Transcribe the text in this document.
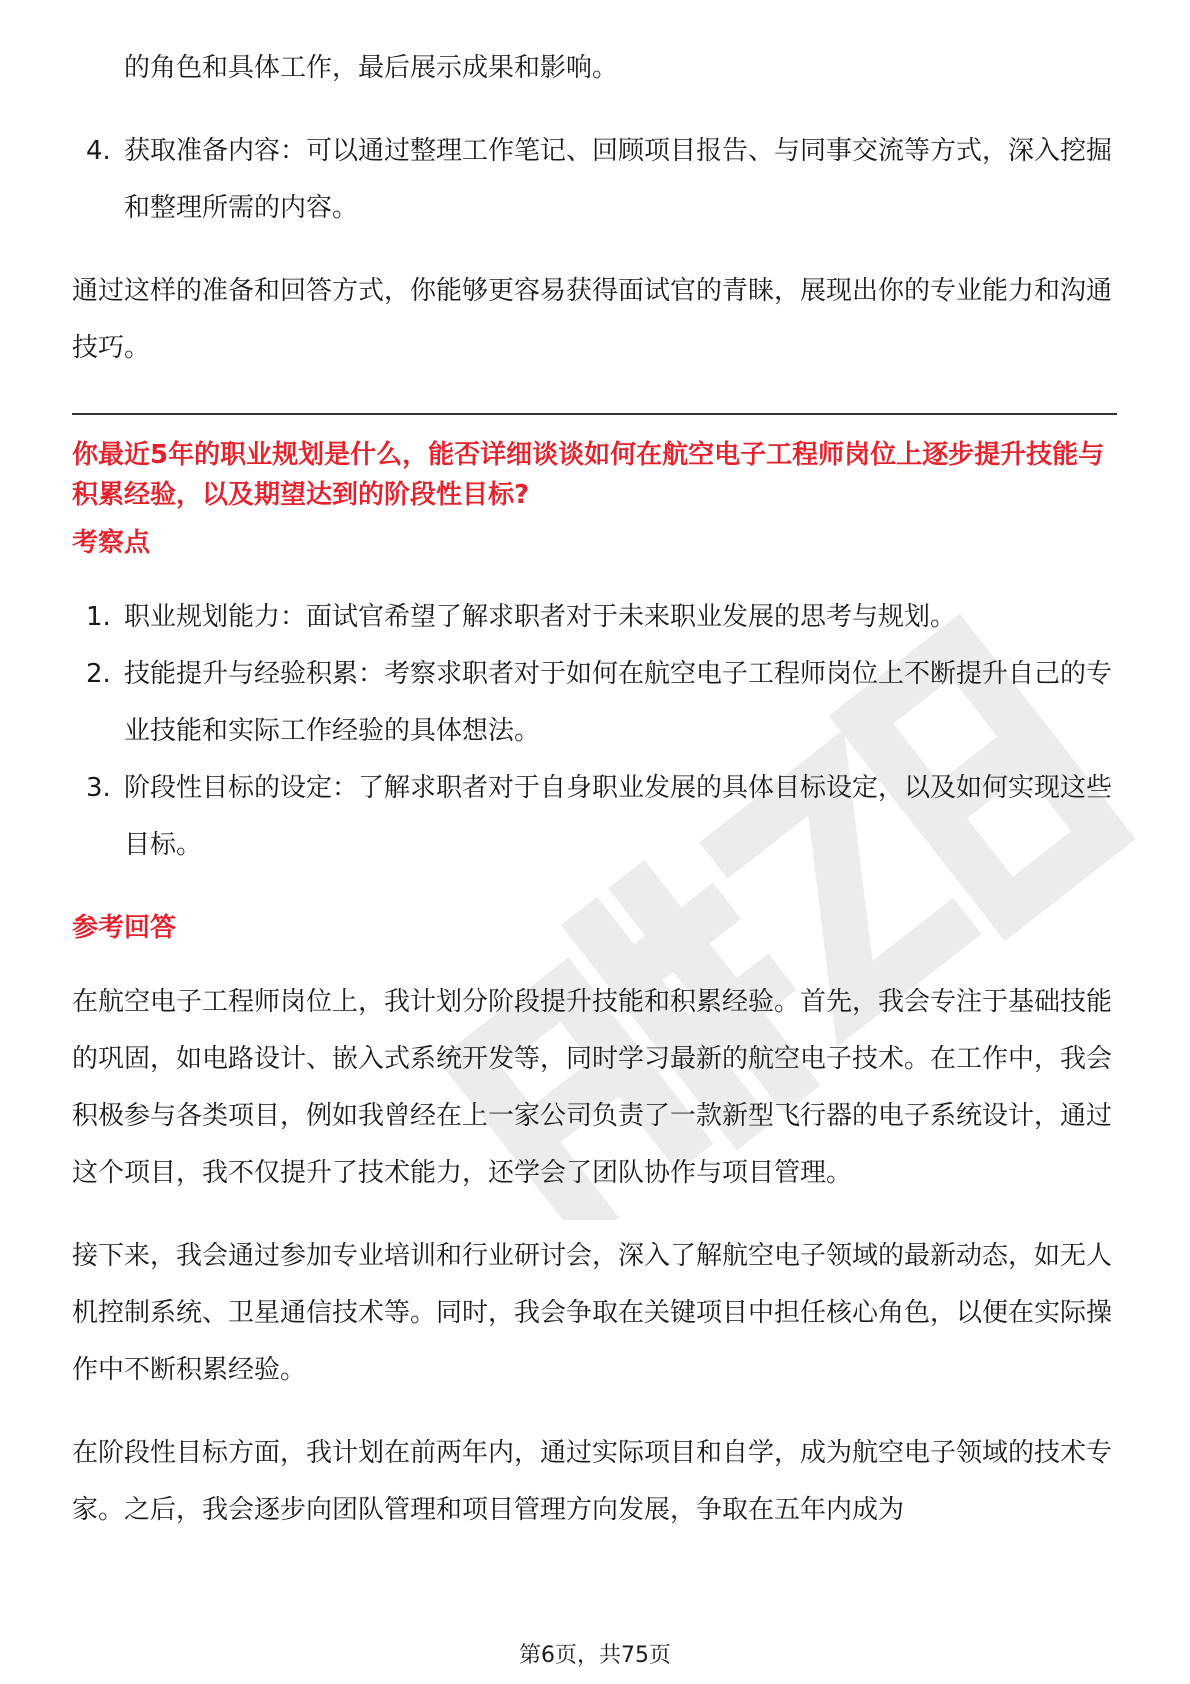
的角色和具体工作，最后展示成果和影响。

4. 获取准备内容：可以通过整理工作笔记、回顾项目报告、与同事交流等方式，深入挖掘和整理所需的内容。

通过这样的准备和回答方式，你能够更容易获得面试官的青睐，展现出你的专业能力和沟通技巧。

你最近5年的职业规划是什么，能否详细谈谈如何在航空电子工程师岗位上逐步提升技能与积累经验，以及期望达到的阶段性目标?

考察点

1. 职业规划能力：面试官希望了解求职者对于未来职业发展的思考与规划。
2. 技能提升与经验积累：考察求职者对于如何在航空电子工程师岗位上不断提升自己的专业技能和实际工作经验的具体想法。
3. 阶段性目标的设定：了解求职者对于自身职业发展的具体目标设定，以及如何实现这些目标。

参考回答

在航空电子工程师岗位上，我计划分阶段提升技能和积累经验。首先，我会专注于基础技能的巩固，如电路设计、嵌入式系统开发等，同时学习最新的航空电子技术。在工作中，我会积极参与各类项目，例如我曾经在上一家公司负责了一款新型飞行器的电子系统设计，通过这个项目，我不仅提升了技术能力，还学会了团队协作与项目管理。

接下来，我会通过参加专业培训和行业研讨会，深入了解航空电子领域的最新动态，如无人机控制系统、卫星通信技术等。同时，我会争取在关键项目中担任核心角色，以便在实际操作中不断积累经验。

在阶段性目标方面，我计划在前两年内，通过实际项目和自学，成为航空电子领域的技术专家。之后，我会逐步向团队管理和项目管理方向发展，争取在五年内成为

第6页，共75页
